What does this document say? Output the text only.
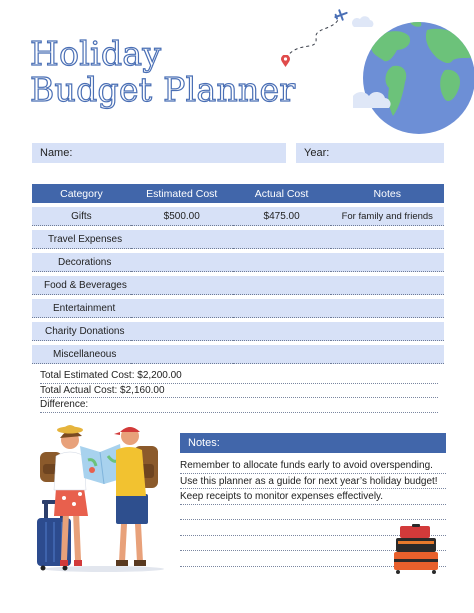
Holiday
Budget Planner
Name:	Year:
Category	Estimated Cost	Actual Cost	Notes
Gifts	$500.00	$475.00	For family and friends
Travel Expenses			
Decorations			
Food & Beverages			
Entertainment			
Charity Donations			
Miscellaneous			
Total Estimated Cost: $2,200.00
Total Actual Cost: $2,160.00
Difference:
Notes:
Remember to allocate funds early to avoid overspending.
Use this planner as a guide for next year’s holiday budget!
Keep receipts to monitor expenses effectively.
